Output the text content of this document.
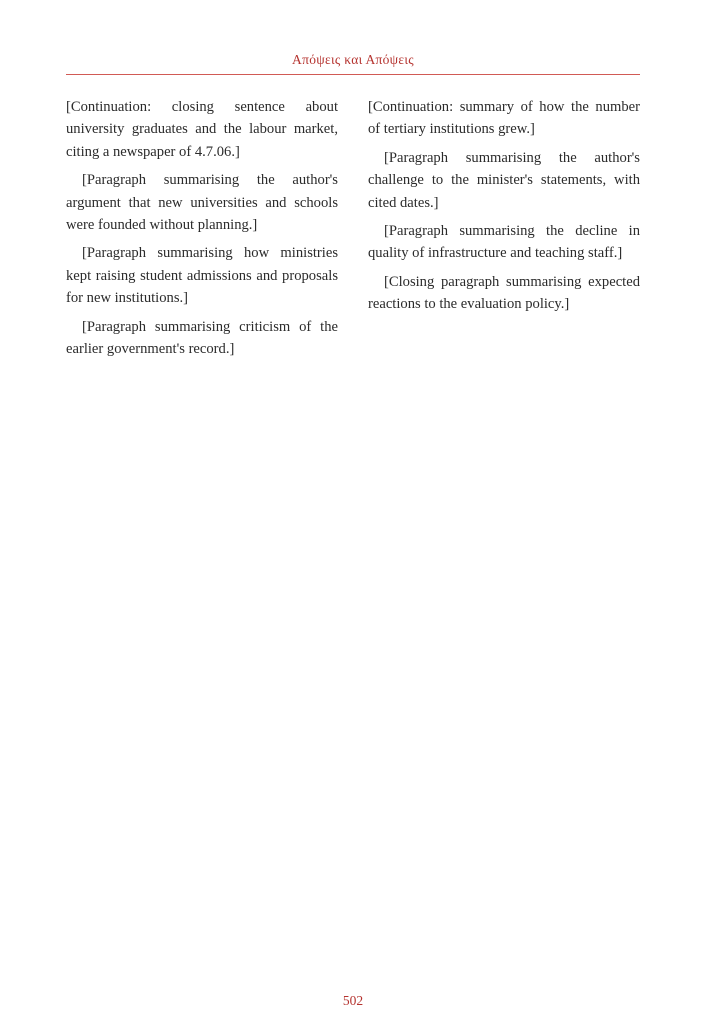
Απόψεις και Απόψεις

[Continuation: closing sentence about university graduates and the labour market, citing a newspaper of 4.7.06.]

[Paragraph summarising the author's argument that new universities and schools were founded without planning.]

[Paragraph summarising how ministries kept raising student admissions and proposals for new institutions.]

[Paragraph summarising criticism of the earlier government's record.]

[Continuation: summary of how the number of tertiary institutions grew.]

[Paragraph summarising the author's challenge to the minister's statements, with cited dates.]

[Paragraph summarising the decline in quality of infrastructure and teaching staff.]

[Closing paragraph summarising expected reactions to the evaluation policy.]

502
